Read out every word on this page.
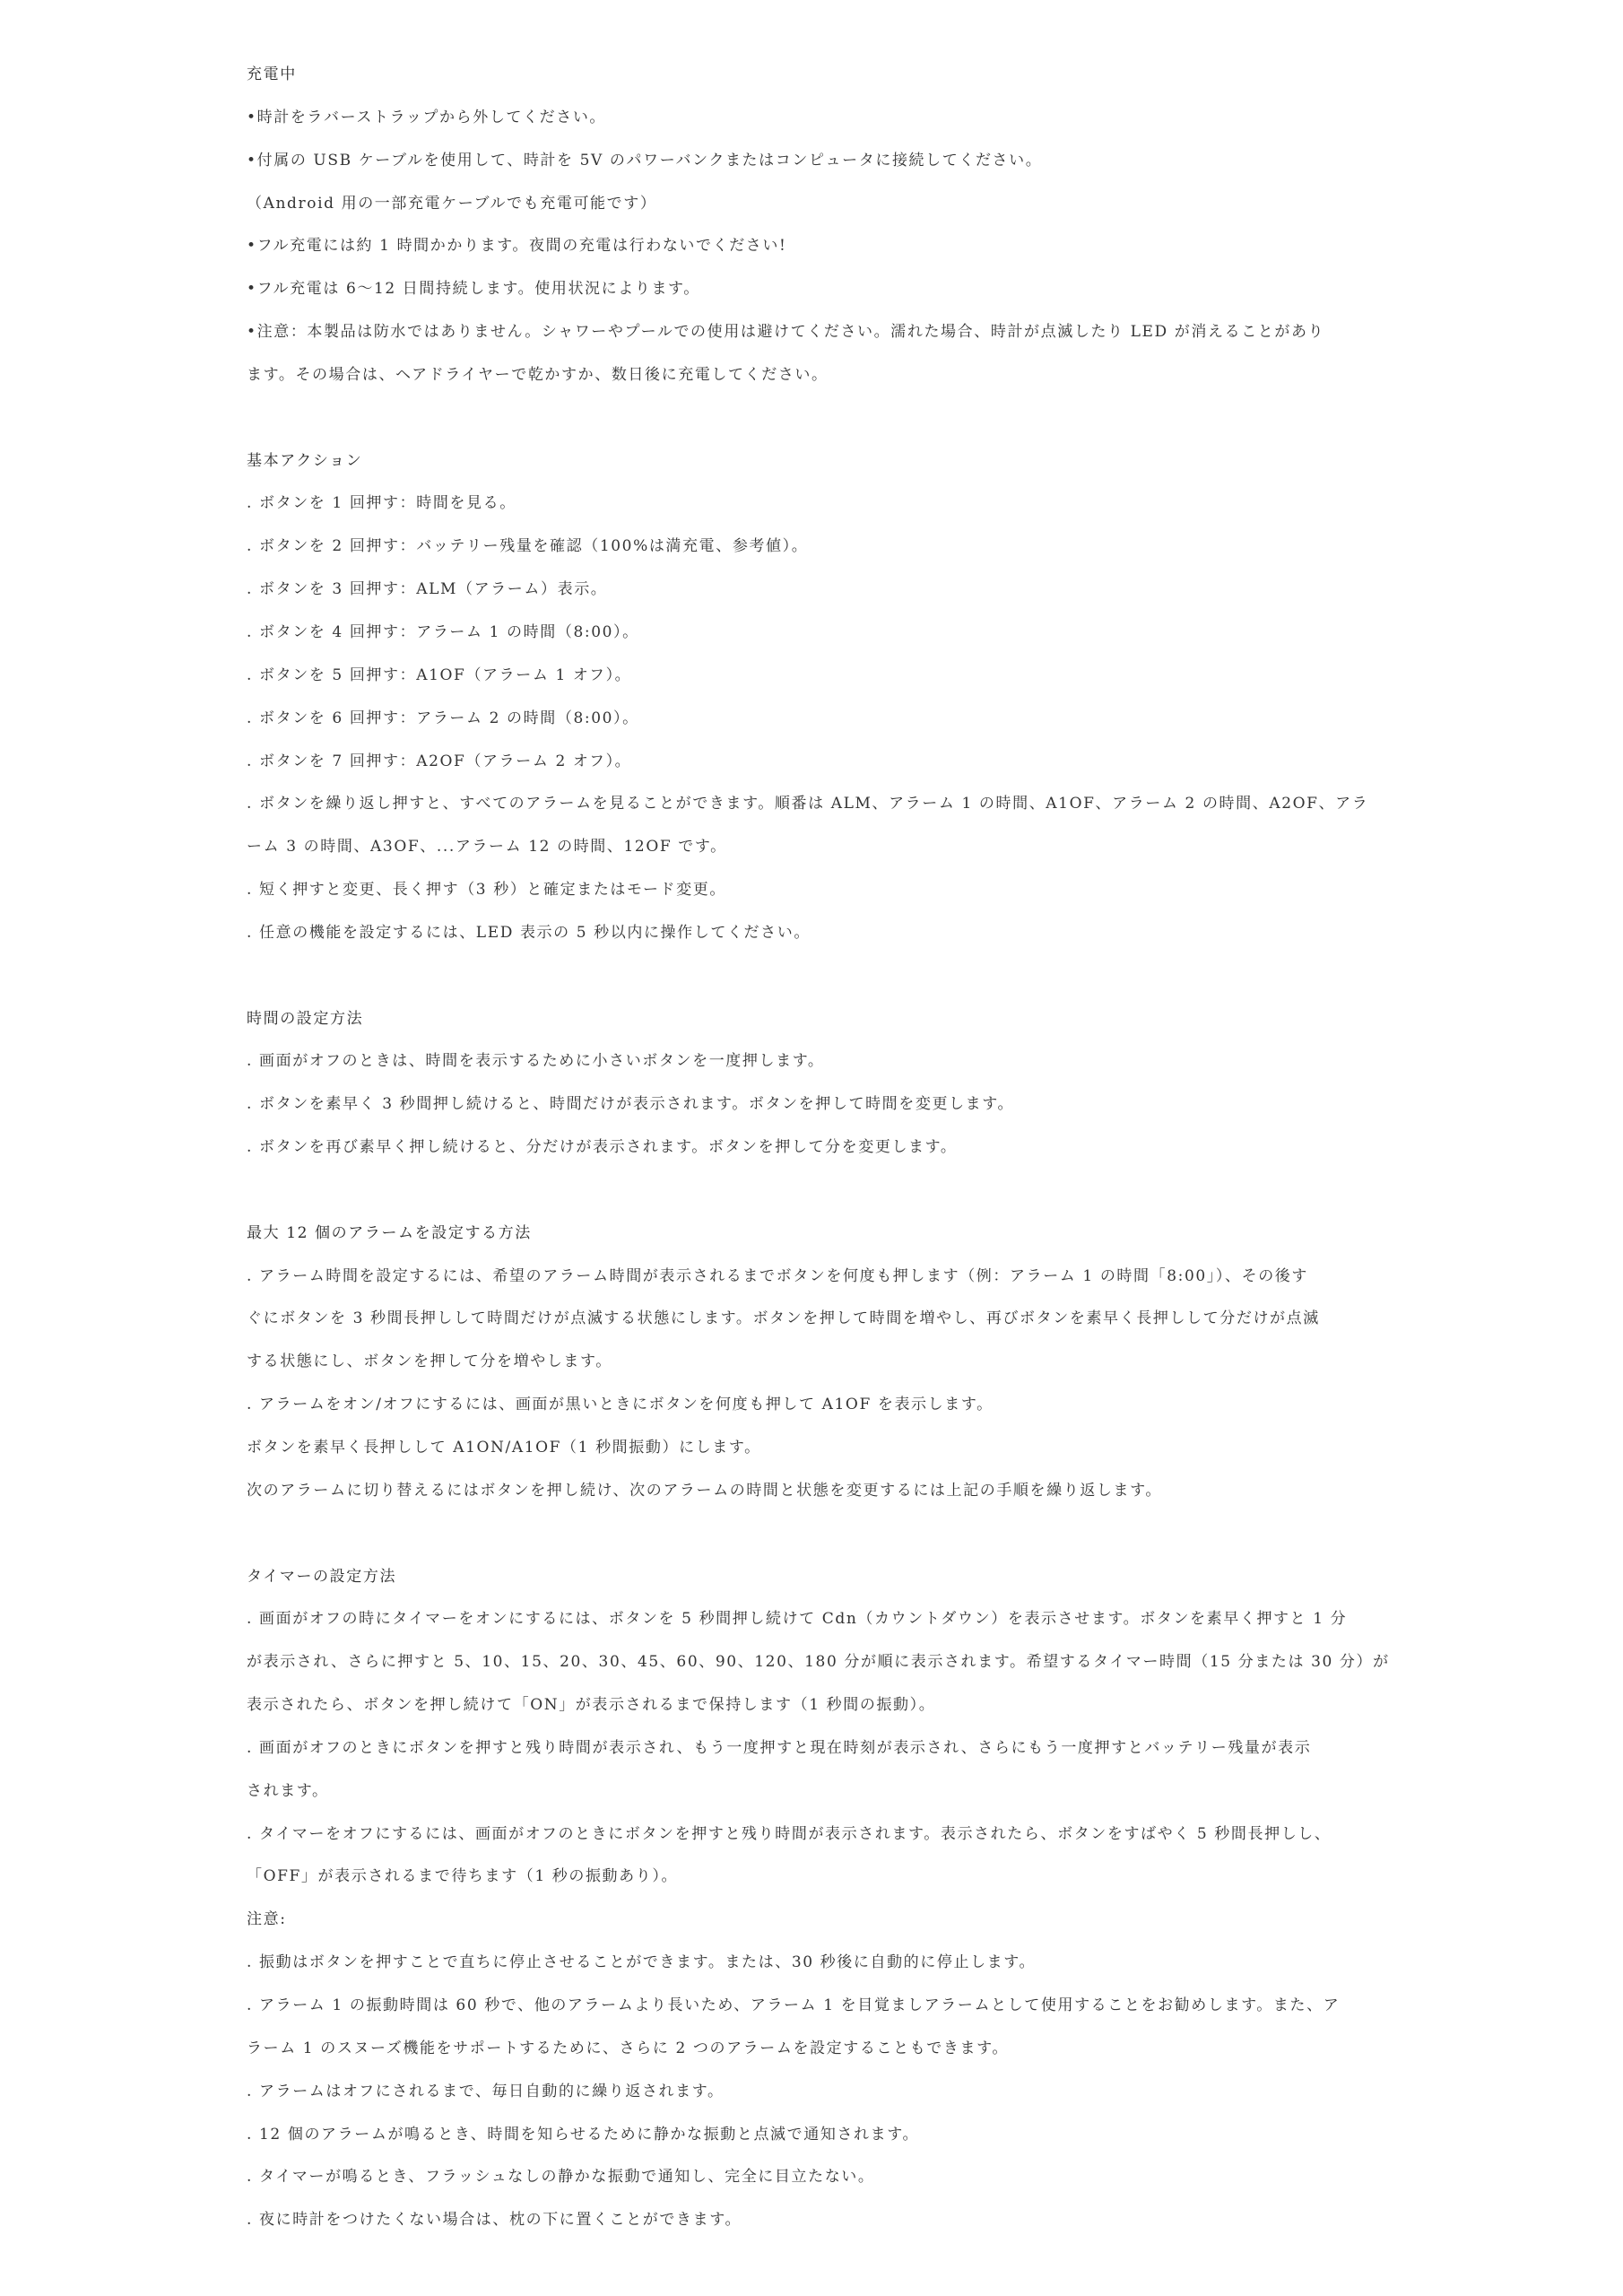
充電中
•時計をラバーストラップから外してください。
•付属の USB ケーブルを使用して、時計を 5V のパワーバンクまたはコンピュータに接続してください。
（Android 用の一部充電ケーブルでも充電可能です）
•フル充電には約 1 時間かかります。夜間の充電は行わないでください!
•フル充電は 6〜12 日間持続します。使用状況によります。
•注意：本製品は防水ではありません。シャワーやプールでの使用は避けてください。濡れた場合、時計が点滅したり LED が消えることがあり
ます。その場合は、ヘアドライヤーで乾かすか、数日後に充電してください。
基本アクション
. ボタンを 1 回押す：時間を見る。
. ボタンを 2 回押す：バッテリー残量を確認（100%は満充電、参考値）。
. ボタンを 3 回押す：ALM（アラーム）表示。
. ボタンを 4 回押す：アラーム 1 の時間（8:00）。
. ボタンを 5 回押す：A1OF（アラーム 1 オフ）。
. ボタンを 6 回押す：アラーム 2 の時間（8:00）。
. ボタンを 7 回押す：A2OF（アラーム 2 オフ）。
. ボタンを繰り返し押すと、すべてのアラームを見ることができます。順番は ALM、アラーム 1 の時間、A1OF、アラーム 2 の時間、A2OF、アラ
ーム 3 の時間、A3OF、...アラーム 12 の時間、12OF です。
. 短く押すと変更、長く押す（3 秒）と確定またはモード変更。
. 任意の機能を設定するには、LED 表示の 5 秒以内に操作してください。
時間の設定方法
. 画面がオフのときは、時間を表示するために小さいボタンを一度押します。
. ボタンを素早く 3 秒間押し続けると、時間だけが表示されます。ボタンを押して時間を変更します。
. ボタンを再び素早く押し続けると、分だけが表示されます。ボタンを押して分を変更します。
最大 12 個のアラームを設定する方法
. アラーム時間を設定するには、希望のアラーム時間が表示されるまでボタンを何度も押します（例：アラーム 1 の時間「8:00」）、その後す
ぐにボタンを 3 秒間長押しして時間だけが点滅する状態にします。ボタンを押して時間を増やし、再びボタンを素早く長押しして分だけが点滅
する状態にし、ボタンを押して分を増やします。
. アラームをオン/オフにするには、画面が黒いときにボタンを何度も押して A1OF を表示します。
ボタンを素早く長押しして A1ON/A1OF（1 秒間振動）にします。
次のアラームに切り替えるにはボタンを押し続け、次のアラームの時間と状態を変更するには上記の手順を繰り返します。
タイマーの設定方法
. 画面がオフの時にタイマーをオンにするには、ボタンを 5 秒間押し続けて Cdn（カウントダウン）を表示させます。ボタンを素早く押すと 1 分
が表示され、さらに押すと 5、10、15、20、30、45、60、90、120、180 分が順に表示されます。希望するタイマー時間（15 分または 30 分）が
表示されたら、ボタンを押し続けて「ON」が表示されるまで保持します（1 秒間の振動）。
. 画面がオフのときにボタンを押すと残り時間が表示され、もう一度押すと現在時刻が表示され、さらにもう一度押すとバッテリー残量が表示
されます。
. タイマーをオフにするには、画面がオフのときにボタンを押すと残り時間が表示されます。表示されたら、ボタンをすばやく 5 秒間長押しし、
「OFF」が表示されるまで待ちます（1 秒の振動あり）。
注意:
. 振動はボタンを押すことで直ちに停止させることができます。または、30 秒後に自動的に停止します。
. アラーム 1 の振動時間は 60 秒で、他のアラームより長いため、アラーム 1 を目覚ましアラームとして使用することをお勧めします。また、ア
ラーム 1 のスヌーズ機能をサポートするために、さらに 2 つのアラームを設定することもできます。
. アラームはオフにされるまで、毎日自動的に繰り返されます。
. 12 個のアラームが鳴るとき、時間を知らせるために静かな振動と点滅で通知されます。
. タイマーが鳴るとき、フラッシュなしの静かな振動で通知し、完全に目立たない。
. 夜に時計をつけたくない場合は、枕の下に置くことができます。
